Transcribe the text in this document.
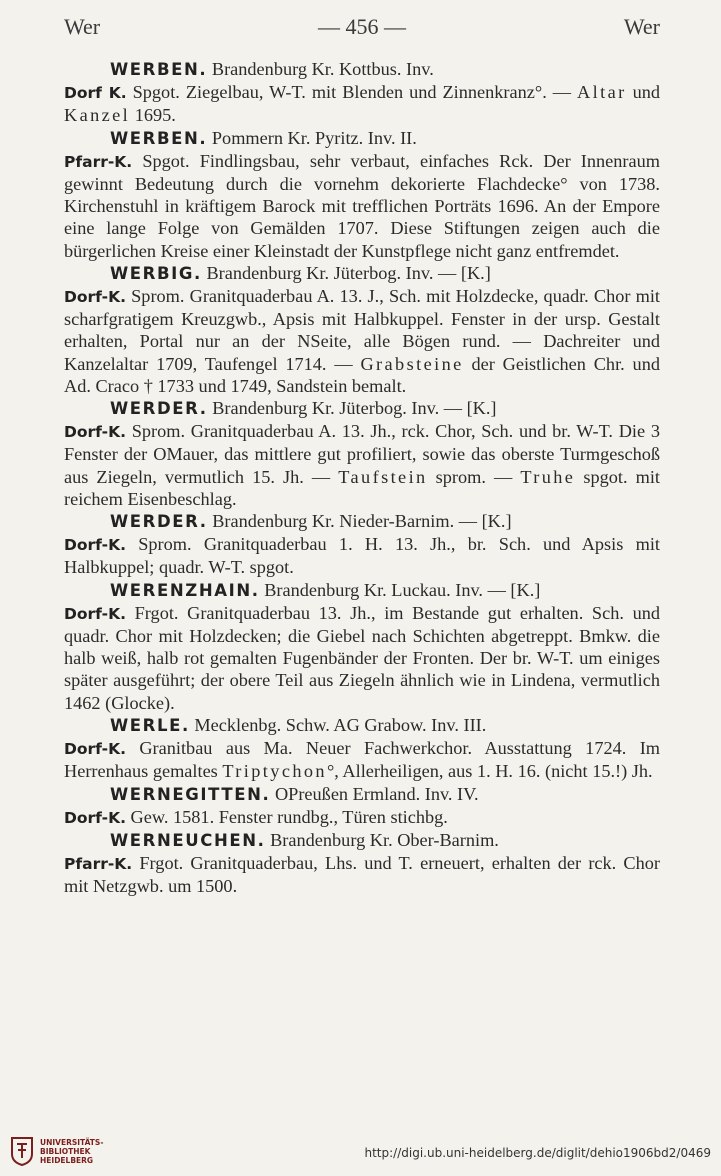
Wer	— 456 —	Wer

WERBEN. Brandenburg Kr. Kottbus. Inv.

Dorf K. Spgot. Ziegelbau, W-T. mit Blenden und Zinnenkranz°. — Altar und Kanzel 1695.

WERBEN. Pommern Kr. Pyritz. Inv. II.

Pfarr-K. Spgot. Findlingsbau, sehr verbaut, einfaches Rck. Der Innenraum gewinnt Bedeutung durch die vornehm dekorierte Flachdecke° von 1738. Kirchenstuhl in kräftigem Barock mit trefflichen Porträts 1696. An der Empore eine lange Folge von Gemälden 1707. Diese Stiftungen zeigen auch die bürgerlichen Kreise einer Kleinstadt der Kunstpflege nicht ganz entfremdet.

WERBIG. Brandenburg Kr. Jüterbog. Inv. — [K.]

Dorf-K. Sprom. Granitquaderbau A. 13. J., Sch. mit Holzdecke, quadr. Chor mit scharfgratigem Kreuzgwb., Apsis mit Halbkuppel. Fenster in der ursp. Gestalt erhalten, Portal nur an der NSeite, alle Bögen rund. — Dachreiter und Kanzelaltar 1709, Taufengel 1714. — Grabsteine der Geistlichen Chr. und Ad. Craco † 1733 und 1749, Sandstein bemalt.

WERDER. Brandenburg Kr. Jüterbog. Inv. — [K.]

Dorf-K. Sprom. Granitquaderbau A. 13. Jh., rck. Chor, Sch. und br. W-T. Die 3 Fenster der OMauer, das mittlere gut profiliert, sowie das oberste Turmgeschoß aus Ziegeln, vermutlich 15. Jh. — Taufstein sprom. — Truhe spgot. mit reichem Eisenbeschlag.

WERDER. Brandenburg Kr. Nieder-Barnim. — [K.]

Dorf-K. Sprom. Granitquaderbau 1. H. 13. Jh., br. Sch. und Apsis mit Halbkuppel; quadr. W-T. spgot.

WERENZHAIN. Brandenburg Kr. Luckau. Inv. — [K.]

Dorf-K. Frgot. Granitquaderbau 13. Jh., im Bestande gut erhalten. Sch. und quadr. Chor mit Holzdecken; die Giebel nach Schichten abgetreppt. Bmkw. die halb weiß, halb rot gemalten Fugenbänder der Fronten. Der br. W-T. um einiges später ausgeführt; der obere Teil aus Ziegeln ähnlich wie in Lindena, vermutlich 1462 (Glocke).

WERLE. Mecklenbg. Schw. AG Grabow. Inv. III.

Dorf-K. Granitbau aus Ma. Neuer Fachwerkchor. Ausstattung 1724. Im Herrenhaus gemaltes Triptychon°, Allerheiligen, aus 1. H. 16. (nicht 15.!) Jh.

WERNEGITTEN. OPreußen Ermland. Inv. IV.

Dorf-K. Gew. 1581. Fenster rundbg., Türen stichbg.

WERNEUCHEN. Brandenburg Kr. Ober-Barnim.

Pfarr-K. Frgot. Granitquaderbau, Lhs. und T. erneuert, erhalten der rck. Chor mit Netzgwb. um 1500.

UNIVERSITÄTS-
BIBLIOTHEK
HEIDELBERG
http://digi.ub.uni-heidelberg.de/diglit/dehio1906bd2/0469
